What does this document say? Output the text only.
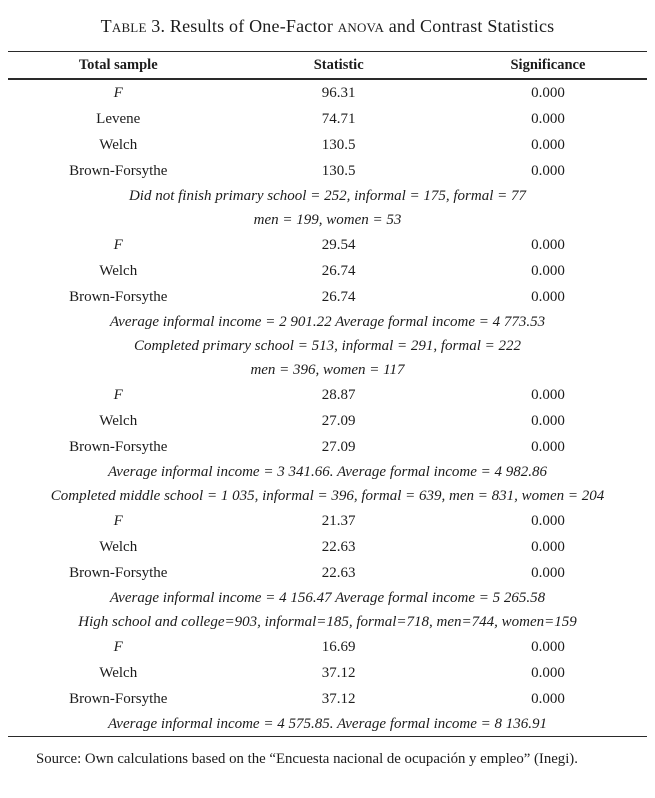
Table 3. Results of One-Factor anova and Contrast Statistics
Total sample	Statistic	Significance
F	96.31	0.000
Levene	74.71	0.000
Welch	130.5	0.000
Brown-Forsythe	130.5	0.000
Did not finish primary school = 252, informal = 175, formal = 77
men = 199, women = 53
F	29.54	0.000
Welch	26.74	0.000
Brown-Forsythe	26.74	0.000
Average informal income = 2 901.22 Average formal income = 4 773.53
Completed primary school = 513, informal = 291, formal = 222
men = 396, women = 117
F	28.87	0.000
Welch	27.09	0.000
Brown-Forsythe	27.09	0.000
Average informal income = 3 341.66. Average formal income = 4 982.86
Completed middle school = 1 035, informal = 396, formal = 639, men = 831, women = 204
F	21.37	0.000
Welch	22.63	0.000
Brown-Forsythe	22.63	0.000
Average informal income = 4 156.47 Average formal income = 5 265.58
High school and college=903, informal=185, formal=718, men=744, women=159
F	16.69	0.000
Welch	37.12	0.000
Brown-Forsythe	37.12	0.000
Average informal income = 4 575.85. Average formal income = 8 136.91

Source: Own calculations based on the “Encuesta nacional de ocupación y empleo” (Inegi).
